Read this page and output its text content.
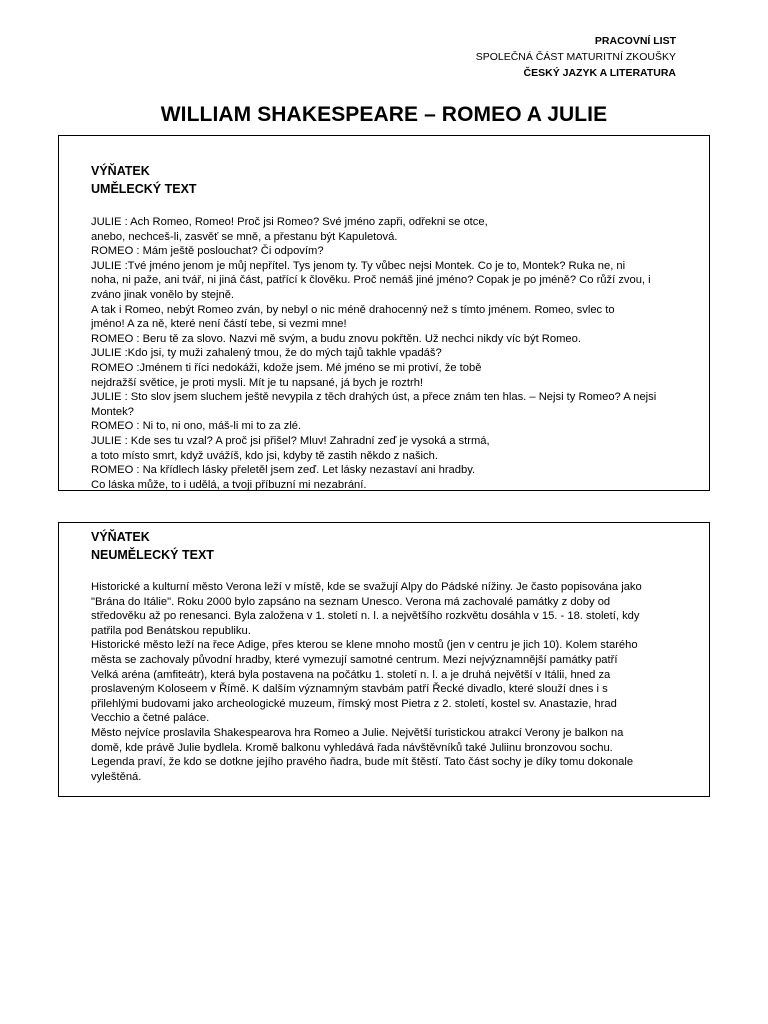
PRACOVNÍ LIST
SPOLEČNÁ ČÁST MATURITNÍ ZKOUŠKY
ČESKÝ JAZYK A LITERATURA
WILLIAM SHAKESPEARE – ROMEO A JULIE
VÝŇATEK
UMĚLECKÝ TEXT
JULIE : Ach Romeo, Romeo! Proč jsi Romeo? Své jméno zapři, odřekni se otce,
anebo, nechceš-li, zasvěť se mně, a přestanu být Kapuletová.
ROMEO : Mám ještě poslouchat? Či odpovím?
JULIE :Tvé jméno jenom je můj nepřítel. Tys jenom ty. Ty vůbec nejsi Montek. Co je to, Montek? Ruka ne, ni
noha, ni paže, ani tvář, ni jiná část, patřící k člověku. Proč nemáš jiné jméno? Copak je po jméně? Co růží zvou, i
zváno jinak vonělo by stejně.
A tak i Romeo, nebýt Romeo zván, by nebyl o nic méně drahocenný než s tímto jménem. Romeo, svlec to
jméno! A za ně, které není částí tebe, si vezmi mne!
ROMEO : Beru tě za slovo. Nazvi mě svým, a budu znovu pokřtěn. Už nechci nikdy víc být Romeo.
JULIE :Kdo jsi, ty muži zahalený tmou, že do mých tajů takhle vpadáš?
ROMEO :Jménem ti říci nedokáži, kdože jsem. Mé jméno se mi protiví, že tobě
nejdražší světice, je proti mysli. Mít je tu napsané, já bych je roztrh!
JULIE : Sto slov jsem sluchem ještě nevypila z těch drahých úst, a přece znám ten hlas. – Nejsi ty Romeo? A nejsi
Montek?
ROMEO : Ni to, ni ono, máš-li mi to za zlé.
JULIE : Kde ses tu vzal? A proč jsi přišel? Mluv! Zahradní zeď je vysoká a strmá,
a toto místo smrt, když uvážíš, kdo jsi, kdyby tě zastih někdo z našich.
ROMEO : Na křídlech lásky přeletěl jsem zeď. Let lásky nezastaví ani hradby.
Co láska může, to i udělá, a tvoji příbuzní mi nezabrání.
VÝŇATEK
NEUMĚLECKÝ TEXT
Historické a kulturní město Verona leží v místě, kde se svažují Alpy do Pádské nížiny. Je často popisována jako
"Brána do Itálie". Roku 2000 bylo zapsáno na seznam Unesco. Verona má zachovalé památky z doby od
středověku až po renesanci. Byla založena v 1. století n. l. a největšího rozkvětu dosáhla v 15. - 18. století, kdy
patřila pod Benátskou republiku.
Historické město leží na řece Adige, přes kterou se klene mnoho mostů (jen v centru je jich 10). Kolem starého
města se zachovaly původní hradby, které vymezují samotné centrum. Mezi nejvýznamnější památky patří
Velká aréna (amfiteátr), která byla postavena na počátku 1. století n. l. a je druhá největší v Itálii, hned za
proslaveným Koloseem v Římě. K dalším významným stavbám patří Řecké divadlo, které slouží dnes i s
přilehlými budovami jako archeologické muzeum, římský most Pietra z 2. století, kostel sv. Anastazie, hrad
Vecchio a četné paláce.
Město nejvíce proslavila Shakespearova hra Romeo a Julie. Největší turistickou atrakcí Verony je balkon na
domě, kde právě Julie bydlela. Kromě balkonu vyhledává řada návštěvníků také Juliinu bronzovou sochu.
Legenda praví, že kdo se dotkne jejího pravého ňadra, bude mít štěstí. Tato část sochy je díky tomu dokonale
vyleštěná.
